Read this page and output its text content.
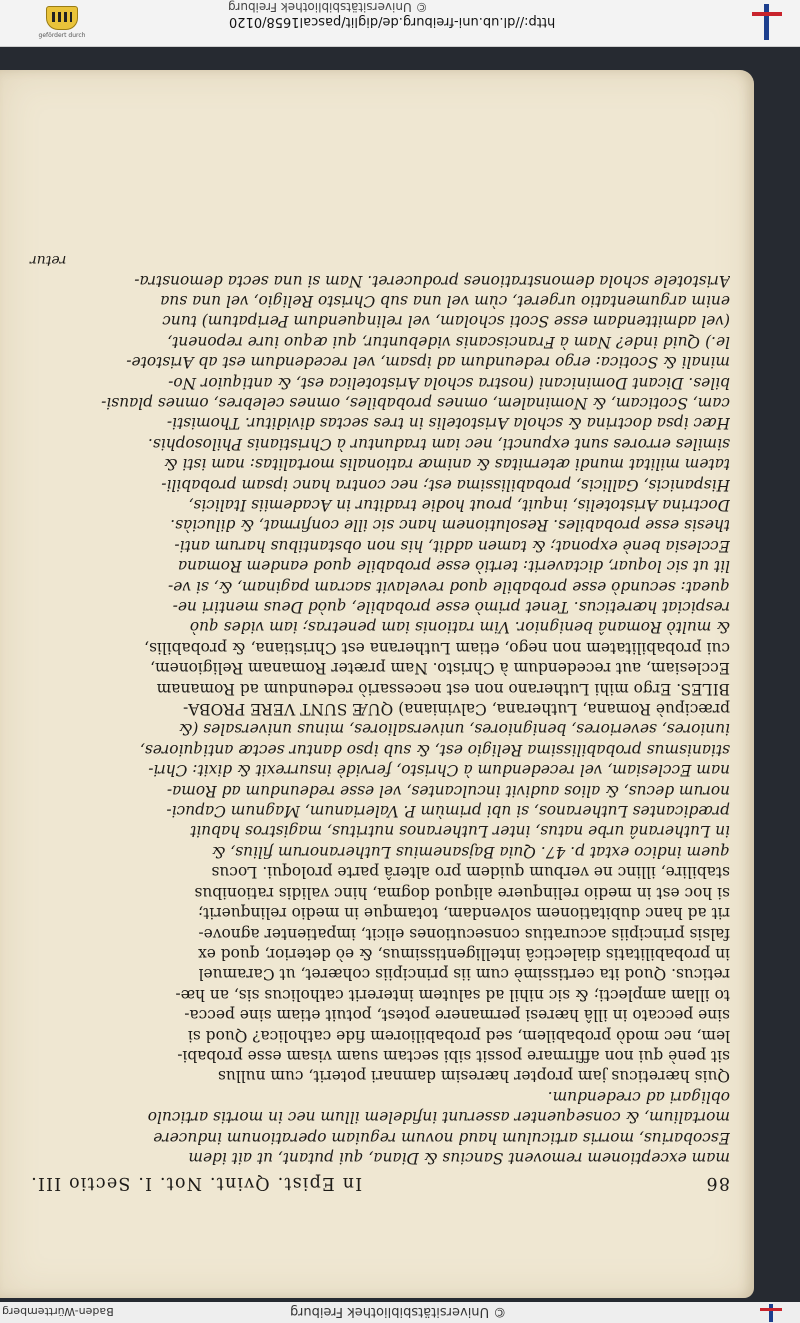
gefördert durch
© Universitätsbibliothek Freiburg
http://dl.ub.uni-freiburg.de/diglit/pascal1658/0120
86
In Epist. Qvint. Not. I. Sectio III.

mam exceptionem removent Sancius & Diana, qui putant, ut ait idem
Escobarius, morris articulum haud novum reguiam operationum inducere
mortalium, & consequenter asserunt infidelem illum nec in mortis articulo
obligari ad credendum.
Quis hæreticus jam propter hæresim damnari poterit, cum nullus
sit penè qui non affirmare possit sibi sectam suam visam esse probabi-
lem, nec modò probabilem, sed probabiliorem fide catholica? Quod si
sine peccato in illâ hæresi permanere potest, potuit etiam sine pecca-
to illam amplecti; & sic nihil ad salutem intererit catholicus sis, an hæ-
reticus. Quod ita certissimè cum iis principiis cohæret, ut Caramuel
in probabilitatis dialecticâ intelligentissimus, & eò deterior, quod ex
falsis principiis accuratius consecutiones elicit, impatienter agnove-
rit ad hanc dubitationem solvendam, totamque in medio relinquerit;
si hoc est in medio relinquere aliquod dogma, hinc validis rationibus
stabilire, illinc ne verbum quidem pro alterâ parte proloqui. Locus
quem indico extat p. 47. Quia Bajsanemius Lutheranorum filius, &
in Lutheranâ urbe natus, inter Lutheranos nutritus, magistros habuit
prædicantes Lutheranos, si ubi primùm P. Valerianum, Magnum Capuci-
norum decus, & alios audivit inculcantes, vel esse redeundum ad Roma-
nam Ecclesiam, vel recedendum à Christo, fervidè insurrexit & dixit: Chri-
stianismus probabilissima Religio est, & sub ipso dantur sectæ antiquiores,
iuniores, severiores, benigniores, universaliores, minus universales (&
præcipuè Romana, Lutherana, Calviniana) QUÆ SUNT VERE PROBA-
BILES. Ergo mihi Lutherano non est necessariò redeundum ad Romanam
Ecclesiam, aut recedendum à Christo. Nam præter Romanam Religionem,
cui probabilitatem non nego, etiam Lutherana est Christiana, & probabilis,
& multò Romanâ benignior. Vim rationis iam penetras; iam vides quò
respiciat hæreticus. Tenet primò esse probabile, quòd Deus mentiri ne-
queat: secundò esse probabile quod revelavit sacram paginam, &, si ve-
lit ut sic loquar, dictaverit: tertiò esse probabile quod eandem Romana
Ecclesia benè exponat; & tamen addit, his non obstantibus harum anti-
thesis esse probabiles. Resolutionem hanc sic ille confirmat, & diluciàs.
Doctrina Aristotelis, inquit, prout hodie traditur in Academiis Italicis,
Hispanicis, Gallicis, probabilissima est; nec contra hanc ipsam probabili-
tatem militat mundi æternitas & animæ rationalis mortalitas: nam isti &
similes errores sunt expuncti, nec iam traduntur à Christianis Philosophis.
Hæc ipsa doctrina & schola Aristotelis in tres sectas dividitur. Thomisti-
cam, Scoticam, & Nominalem, omnes probabiles, omnes celebres, omnes plausi-
biles. Dicant Dominicani (nostra schola Aristotelica est, & antiquior No-
minali & Scotica: ergo redeundum ad ipsam, vel recedendum est ab Aristote-
le.) Quid inde? Nam à Franciscanis videbuntur, qui æquo iure reponent,
(vel admittendam esse Scoti scholam, vel relinquendum Peripatum) tunc
enim argumentatio urgeret, cùm vel una sub Christo Religio, vel una sua
Aristotele schola demonstrationes produceret. Nam si una secta demonstra-

retur
Baden-Württemberg	© Universitätsbibliothek Freiburg
